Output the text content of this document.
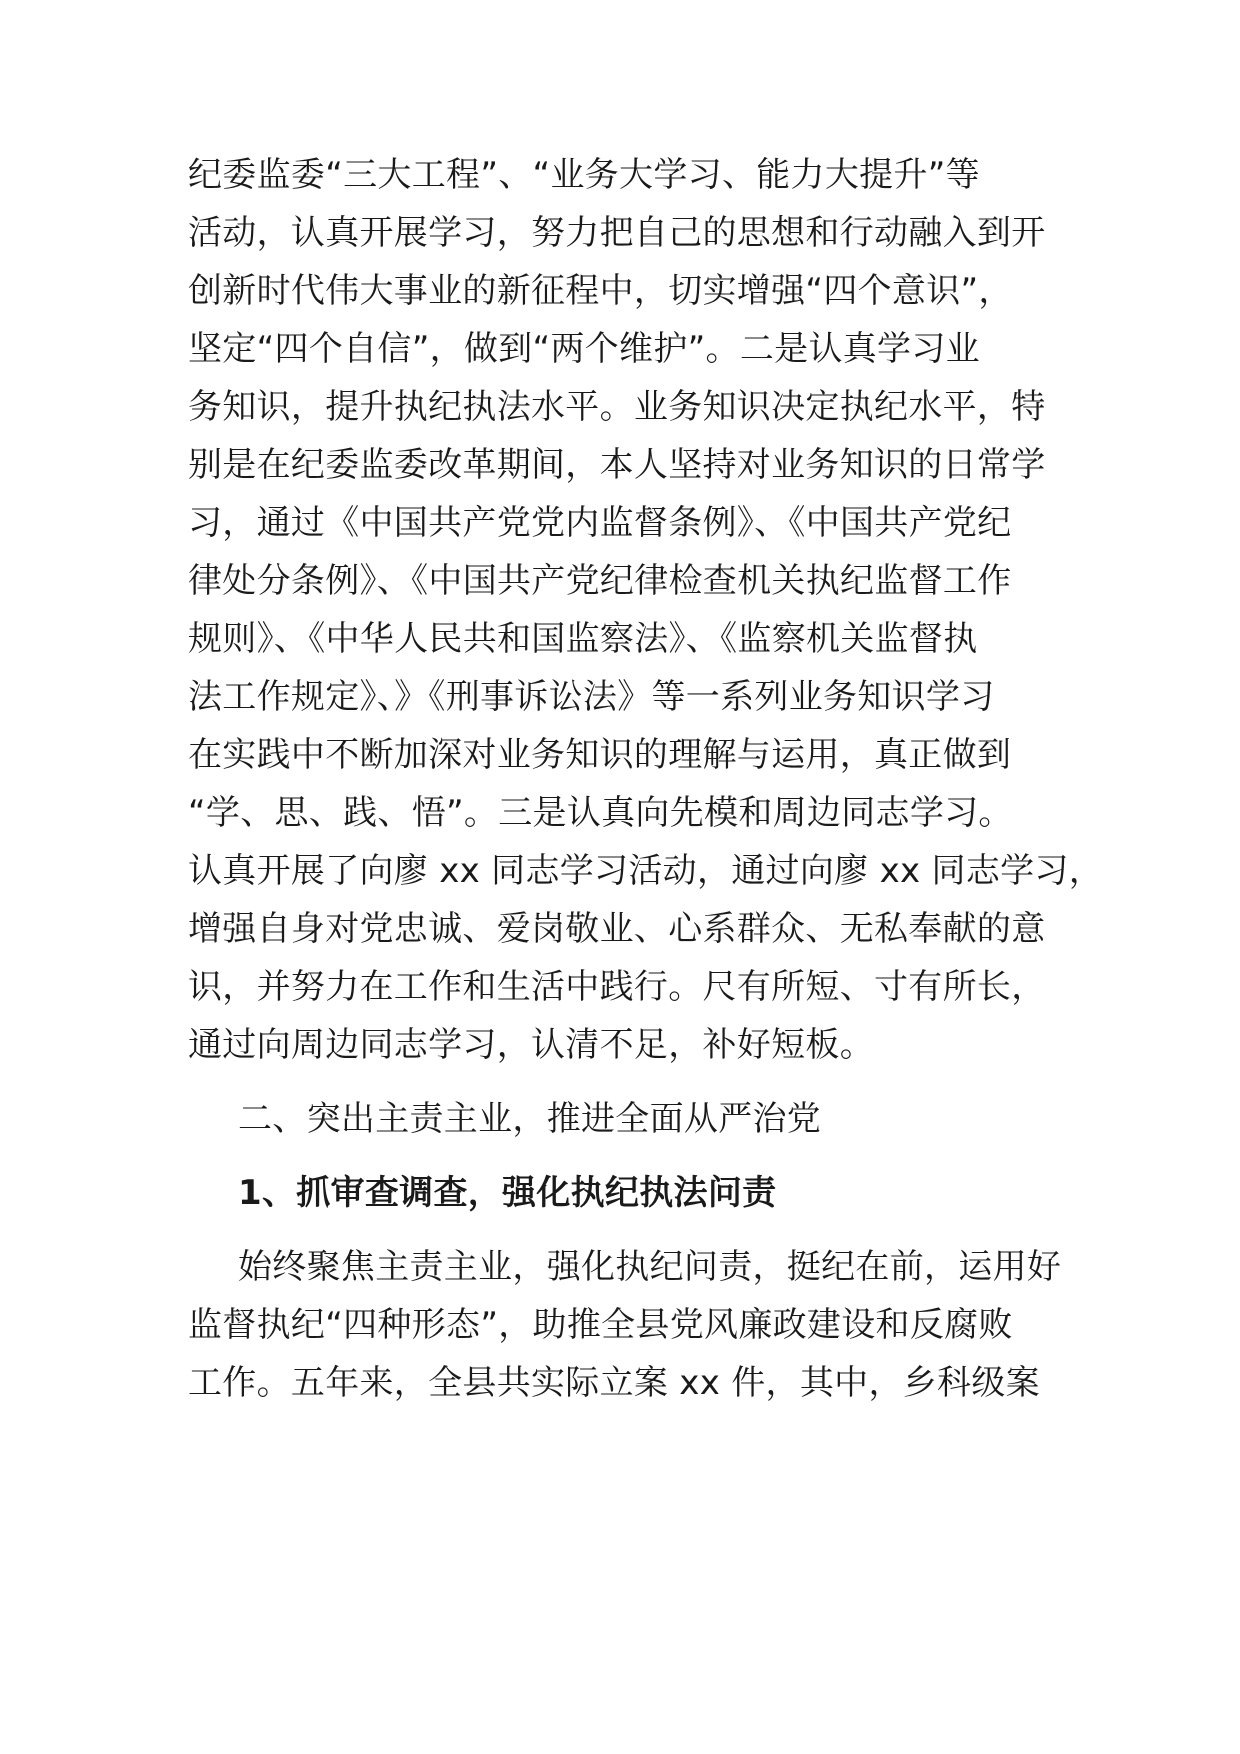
纪委监委“三大工程”、“业务大学习、能力大提升”等
活动，认真开展学习，努力把自己的思想和行动融入到开
创新时代伟大事业的新征程中，切实增强“四个意识”，
坚定“四个自信”，做到“两个维护”。二是认真学习业
务知识，提升执纪执法水平。业务知识决定执纪水平，特
别是在纪委监委改革期间，本人坚持对业务知识的日常学
习，通过《中国共产党党内监督条例》、《中国共产党纪
律处分条例》、《中国共产党纪律检查机关执纪监督工作
规则》、《中华人民共和国监察法》、《监察机关监督执
法工作规定》、》《刑事诉讼法》等一系列业务知识学习
在实践中不断加深对业务知识的理解与运用，真正做到
“学、思、践、悟”。三是认真向先模和周边同志学习。
认真开展了向廖 xx 同志学习活动，通过向廖 xx 同志学习，
增强自身对党忠诚、爱岗敬业、心系群众、无私奉献的意
识，并努力在工作和生活中践行。尺有所短、寸有所长，
通过向周边同志学习，认清不足，补好短板。
二、突出主责主业，推进全面从严治党
1、抓审查调查，强化执纪执法问责
始终聚焦主责主业，强化执纪问责，挺纪在前，运用好
监督执纪“四种形态”，助推全县党风廉政建设和反腐败
工作。五年来，全县共实际立案 xx 件，其中，乡科级案
